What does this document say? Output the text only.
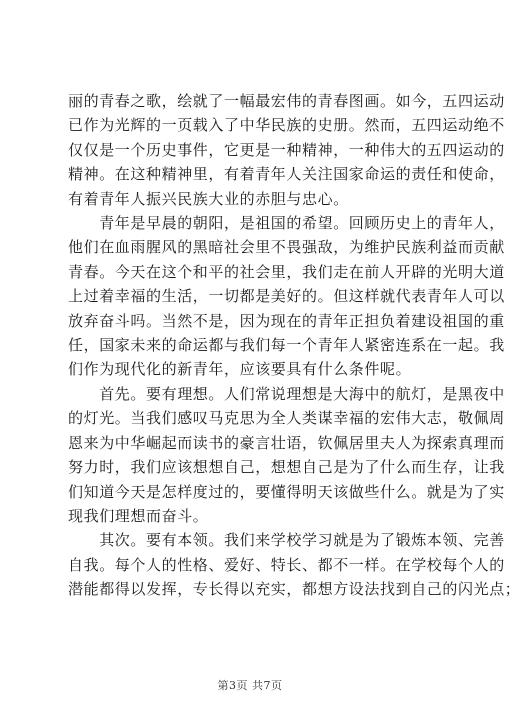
丽的青春之歌，绘就了一幅最宏伟的青春图画。如今，五四运动

已作为光辉的一页载入了中华民族的史册。然而，五四运动绝不

仅仅是一个历史事件，它更是一种精神，一种伟大的五四运动的

精神。在这种精神里，有着青年人关注国家命运的责任和使命，

有着青年人振兴民族大业的赤胆与忠心。

　　青年是早晨的朝阳，是祖国的希望。回顾历史上的青年人，

他们在血雨腥风的黑暗社会里不畏强敌，为维护民族利益而贡献

青春。今天在这个和平的社会里，我们走在前人开辟的光明大道

上过着幸福的生活，一切都是美好的。但这样就代表青年人可以

放弃奋斗吗。当然不是，因为现在的青年正担负着建设祖国的重

任，国家未来的命运都与我们每一个青年人紧密连系在一起。我

们作为现代化的新青年，应该要具有什么条件呢。

　　首先。要有理想。人们常说理想是大海中的航灯，是黑夜中

的灯光。当我们感叹马克思为全人类谋幸福的宏伟大志，敬佩周

恩来为中华崛起而读书的豪言壮语，钦佩居里夫人为探索真理而

努力时，我们应该想想自己，想想自己是为了什么而生存，让我

们知道今天是怎样度过的，要懂得明天该做些什么。就是为了实

现我们理想而奋斗。

　　其次。要有本领。我们来学校学习就是为了锻炼本领、完善

自我。每个人的性格、爱好、特长、都不一样。在学校每个人的

潜能都得以发挥，专长得以充实，都想方设法找到自己的闪光点；

第3页 共7页
